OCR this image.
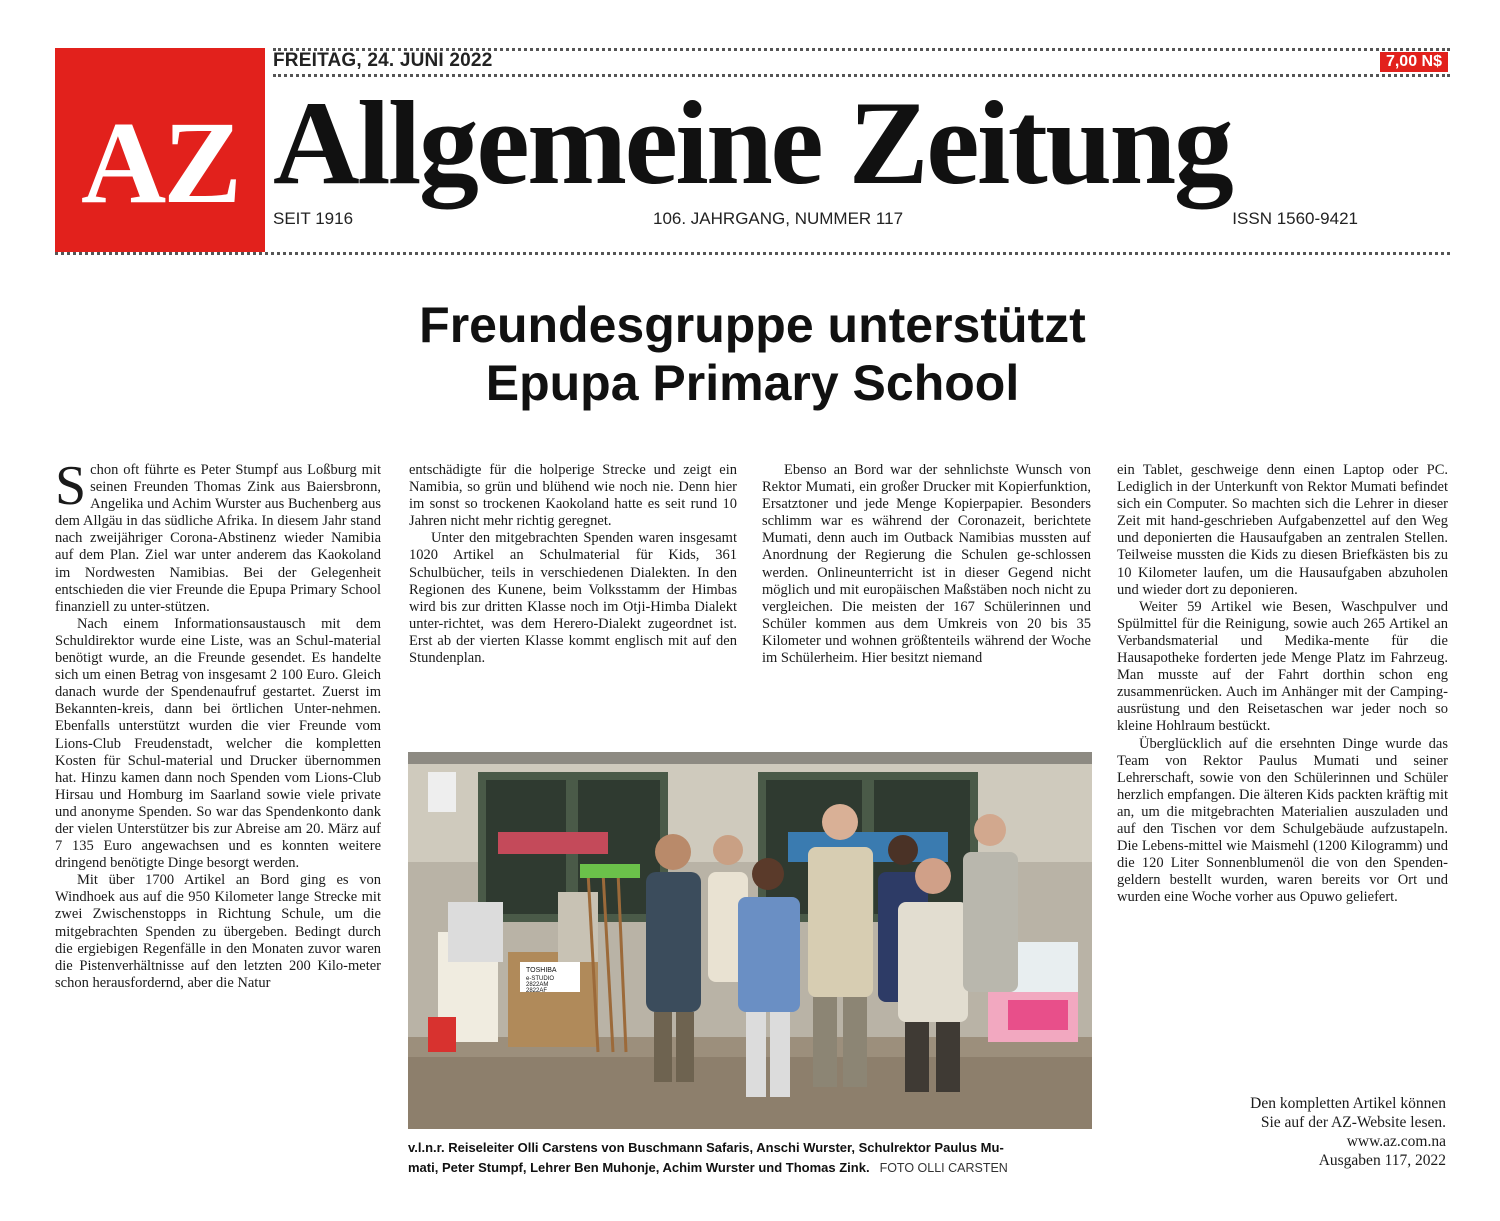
AZ
FREITAG, 24. JUNI 2022	7,00 N$
Allgemeine Zeitung
SEIT 1916	106. JAHRGANG, NUMMER 117	ISSN 1560-9421
Freundesgruppe unterstützt
Epupa Primary School

Schon oft führte es Peter Stumpf aus Loßburg mit seinen Freunden Thomas Zink aus Baiersbronn, Angelika und Achim Wurster aus Buchenberg aus dem Allgäu in das südliche Afrika. In diesem Jahr stand nach zweijähriger Corona-Abstinenz wieder Namibia auf dem Plan. Ziel war unter anderem das Kaokoland im Nordwesten Namibias. Bei der Gelegenheit entschieden die vier Freunde die Epupa Primary School finanziell zu unter-stützen.

Nach einem Informationsaustausch mit dem Schuldirektor wurde eine Liste, was an Schul-material benötigt wurde, an die Freunde gesendet. Es handelte sich um einen Betrag von insgesamt 2 100 Euro. Gleich danach wurde der Spendenaufruf gestartet. Zuerst im Bekannten-kreis, dann bei örtlichen Unter-nehmen. Ebenfalls unterstützt wurden die vier Freunde vom Lions-Club Freudenstadt, welcher die kompletten Kosten für Schul-material und Drucker übernommen hat. Hinzu kamen dann noch Spenden vom Lions-Club Hirsau und Homburg im Saarland sowie viele private und anonyme Spenden. So war das Spendenkonto dank der vielen Unterstützer bis zur Abreise am 20. März auf 7 135 Euro angewachsen und es konnten weitere dringend benötigte Dinge besorgt werden.

Mit über 1700 Artikel an Bord ging es von Windhoek aus auf die 950 Kilometer lange Strecke mit zwei Zwischenstopps in Richtung Schule, um die mitgebrachten Spenden zu übergeben. Bedingt durch die ergiebigen Regenfälle in den Monaten zuvor waren die Pistenverhältnisse auf den letzten 200 Kilo-meter schon herausfordernd, aber die Natur

entschädigte für die holperige Strecke und zeigt ein Namibia, so grün und blühend wie noch nie. Denn hier im sonst so trockenen Kaokoland hatte es seit rund 10 Jahren nicht mehr richtig geregnet.

Unter den mitgebrachten Spenden waren insgesamt 1020 Artikel an Schulmaterial für Kids, 361 Schulbücher, teils in verschiedenen Dialekten. In den Regionen des Kunene, beim Volksstamm der Himbas wird bis zur dritten Klasse noch im Otji-Himba Dialekt unter-richtet, was dem Herero-Dialekt zugeordnet ist. Erst ab der vierten Klasse kommt englisch mit auf den Stundenplan.

Ebenso an Bord war der sehnlichste Wunsch von Rektor Mumati, ein großer Drucker mit Kopierfunktion, Ersatztoner und jede Menge Kopierpapier. Besonders schlimm war es während der Coronazeit, berichtete Mumati, denn auch im Outback Namibias mussten auf Anordnung der Regierung die Schulen ge-schlossen werden. Onlineunterricht ist in dieser Gegend nicht möglich und mit europäischen Maßstäben noch nicht zu vergleichen. Die meisten der 167 Schülerinnen und Schüler kommen aus dem Umkreis von 20 bis 35 Kilometer und wohnen größtenteils während der Woche im Schülerheim. Hier besitzt niemand

ein Tablet, geschweige denn einen Laptop oder PC. Lediglich in der Unterkunft von Rektor Mumati befindet sich ein Computer. So machten sich die Lehrer in dieser Zeit mit hand-geschrieben Aufgabenzettel auf den Weg und deponierten die Hausaufgaben an zentralen Stellen. Teilweise mussten die Kids zu diesen Briefkästen bis zu 10 Kilometer laufen, um die Hausaufgaben abzuholen und wieder dort zu deponieren.

Weiter 59 Artikel wie Besen, Waschpulver und Spülmittel für die Reinigung, sowie auch 265 Artikel an Verbandsmaterial und Medika-mente für die Hausapotheke forderten jede Menge Platz im Fahrzeug. Man musste auf der Fahrt dorthin schon eng zusammenrücken. Auch im Anhänger mit der Camping-ausrüstung und den Reisetaschen war jeder noch so kleine Hohlraum bestückt.

Überglücklich auf die ersehnten Dinge wurde das Team von Rektor Paulus Mumati und seiner Lehrerschaft, sowie von den Schülerinnen und Schüler herzlich empfangen. Die älteren Kids packten kräftig mit an, um die mitgebrachten Materialien auszuladen und auf den Tischen vor dem Schulgebäude aufzustapeln. Die Lebens-mittel wie Maismehl (1200 Kilogramm) und die 120 Liter Sonnenblumenöl die von den Spenden-geldern bestellt wurden, waren bereits vor Ort und wurden eine Woche vorher aus Opuwo geliefert.

TOSHIBA
e-STUDIO
2822AM
2822AF
v.l.n.r. Reiseleiter Olli Carstens von Buschmann Safaris, Anschi Wurster, Schulrektor Paulus Mu-
mati, Peter Stumpf, Lehrer Ben Muhonje, Achim Wurster und Thomas Zink. FOTO OLLI CARSTEN
Den kompletten Artikel können
Sie auf der AZ-Website lesen.
www.az.com.na
Ausgaben 117, 2022
